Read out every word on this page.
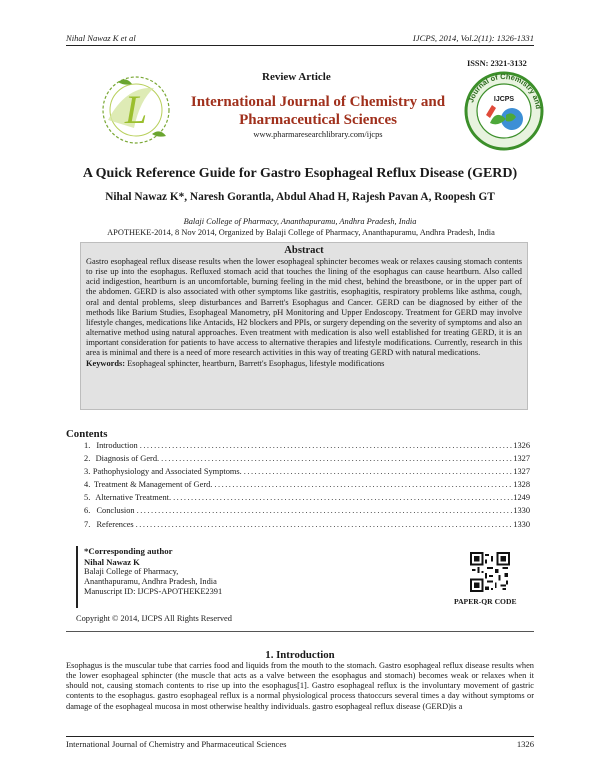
Nihal Nawaz K et al	IJCPS, 2014, Vol.2(11): 1326-1331
L	Journal of Chemistry and
IJCPS
ISSN: 2321-3132
Review Article
International Journal of Chemistry and Pharmaceutical Sciences
www.pharmaresearchlibrary.com/ijcps
A Quick Reference Guide for Gastro Esophageal Reflux Disease (GERD)
Nihal Nawaz K*, Naresh Gorantla, Abdul Ahad H, Rajesh Pavan A, Roopesh GT
Balaji College of Pharmacy, Ananthapuramu, Andhra Pradesh, India
APOTHEKE-2014, 8 Nov 2014, Organized by Balaji College of Pharmacy, Ananthapuramu, Andhra Pradesh, India
Abstract
Gastro esophageal reflux disease results when the lower esophageal sphincter becomes weak or relaxes causing stomach contents to rise up into the esophagus. Refluxed stomach acid that touches the lining of the esophagus can cause heartburn. Also called acid indigestion, heartburn is an uncomfortable, burning feeling in the mid chest, behind the breastbone, or in the upper part of the abdomen. GERD is also associated with other symptoms like gastritis, esophagitis, respiratory problems like asthma, cough, oral and dental problems, sleep disturbances and Barrett's Esophagus and Cancer. GERD can be diagnosed by either of the methods like Barium Studies, Esophageal Manometry, pH Monitoring and Upper Endoscopy. Treatment for GERD may involve lifestyle changes, medications like Antacids, H2 blockers and PPIs, or surgery depending on the severity of symptoms and also an alternative method using natural approaches. Even treatment with medication is also well established for treating GERD, it is an important consideration for patients to have access to alternative therapies and lifestyle modifications. Currently, research in this area is minimal and there is a need of more research activities in this way of treating GERD with natural medications.
Keywords: Esophageal sphincter, heartburn, Barrett's Esophagus, lifestyle modifications
Contents
1. Introduction .....	1326
2. Diagnosis of Gerd. .....	1327
3. Pathophysiology and Associated Symptoms. .....	1327
4. Treatment & Management of Gerd. .....	1328
5. Alternative Treatment. .....	1249
6. Conclusion .....	1330
7. References .....	1330
*Corresponding author
Nihal Nawaz K
Balaji College of Pharmacy,
Ananthapuramu, Andhra Pradesh, India
Manuscript ID: IJCPS-APOTHEKE2391
PAPER-QR CODE
Copyright © 2014, IJCPS All Rights Reserved
1. Introduction
Esophagus is the muscular tube that carries food and liquids from the mouth to the stomach. Gastro esophageal reflux disease results when the lower esophageal sphincter (the muscle that acts as a valve between the esophagus and stomach) becomes weak or relaxes when it should not, causing stomach contents to rise up into the esophagus[1]. Gastro esophageal reflux is the involuntary movement of gastric contents to the esophagus. gastro esophageal reflux is a normal physiological process thatoccurs several times a day without symptoms or damage of the esophageal mucosa in most otherwise healthy individuals. gastro esophageal reflux disease (GERD)is a
International Journal of Chemistry and Pharmaceutical Sciences	1326
